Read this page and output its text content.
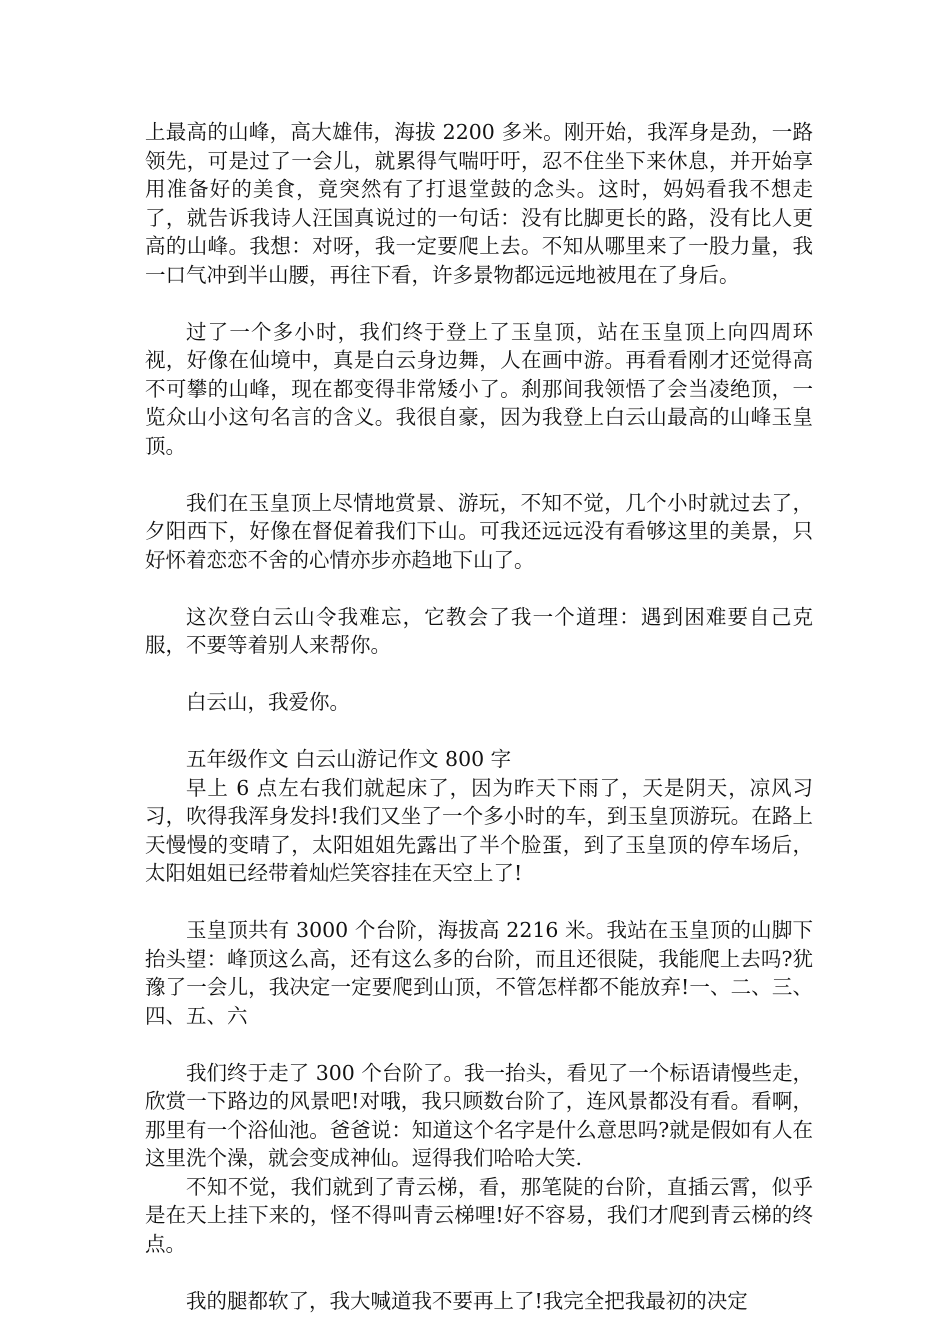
上最高的山峰，高大雄伟，海拔 2200 多米。刚开始，我浑身是劲，一路领先，可是过了一会儿，就累得气喘吁吁，忍不住坐下来休息，并开始享用准备好的美食，竟突然有了打退堂鼓的念头。这时，妈妈看我不想走了，就告诉我诗人汪国真说过的一句话：没有比脚更长的路，没有比人更高的山峰。我想：对呀，我一定要爬上去。不知从哪里来了一股力量，我一口气冲到半山腰，再往下看，许多景物都远远地被甩在了身后。

过了一个多小时，我们终于登上了玉皇顶，站在玉皇顶上向四周环视，好像在仙境中，真是白云身边舞，人在画中游。再看看刚才还觉得高不可攀的山峰，现在都变得非常矮小了。刹那间我领悟了会当凌绝顶，一览众山小这句名言的含义。我很自豪，因为我登上白云山最高的山峰玉皇顶。

我们在玉皇顶上尽情地赏景、游玩，不知不觉，几个小时就过去了，夕阳西下，好像在督促着我们下山。可我还远远没有看够这里的美景，只好怀着恋恋不舍的心情亦步亦趋地下山了。

这次登白云山令我难忘，它教会了我一个道理：遇到困难要自己克服，不要等着别人来帮你。

白云山，我爱你。

五年级作文 白云山游记作文 800 字

早上 6 点左右我们就起床了，因为昨天下雨了，天是阴天，凉风习习，吹得我浑身发抖!我们又坐了一个多小时的车，到玉皇顶游玩。在路上天慢慢的变晴了，太阳姐姐先露出了半个脸蛋，到了玉皇顶的停车场后，太阳姐姐已经带着灿烂笑容挂在天空上了!

玉皇顶共有 3000 个台阶，海拔高 2216 米。我站在玉皇顶的山脚下抬头望：峰顶这么高，还有这么多的台阶，而且还很陡，我能爬上去吗?犹豫了一会儿，我决定一定要爬到山顶，不管怎样都不能放弃!一、二、三、四、五、六

我们终于走了 300 个台阶了。我一抬头，看见了一个标语请慢些走，欣赏一下路边的风景吧!对哦，我只顾数台阶了，连风景都没有看。看啊，那里有一个浴仙池。爸爸说：知道这个名字是什么意思吗?就是假如有人在这里洗个澡，就会变成神仙。逗得我们哈哈大笑.

不知不觉，我们就到了青云梯，看，那笔陡的台阶，直插云霄，似乎是在天上挂下来的，怪不得叫青云梯哩!好不容易，我们才爬到青云梯的终点。

我的腿都软了，我大喊道我不要再上了!我完全把我最初的决定
